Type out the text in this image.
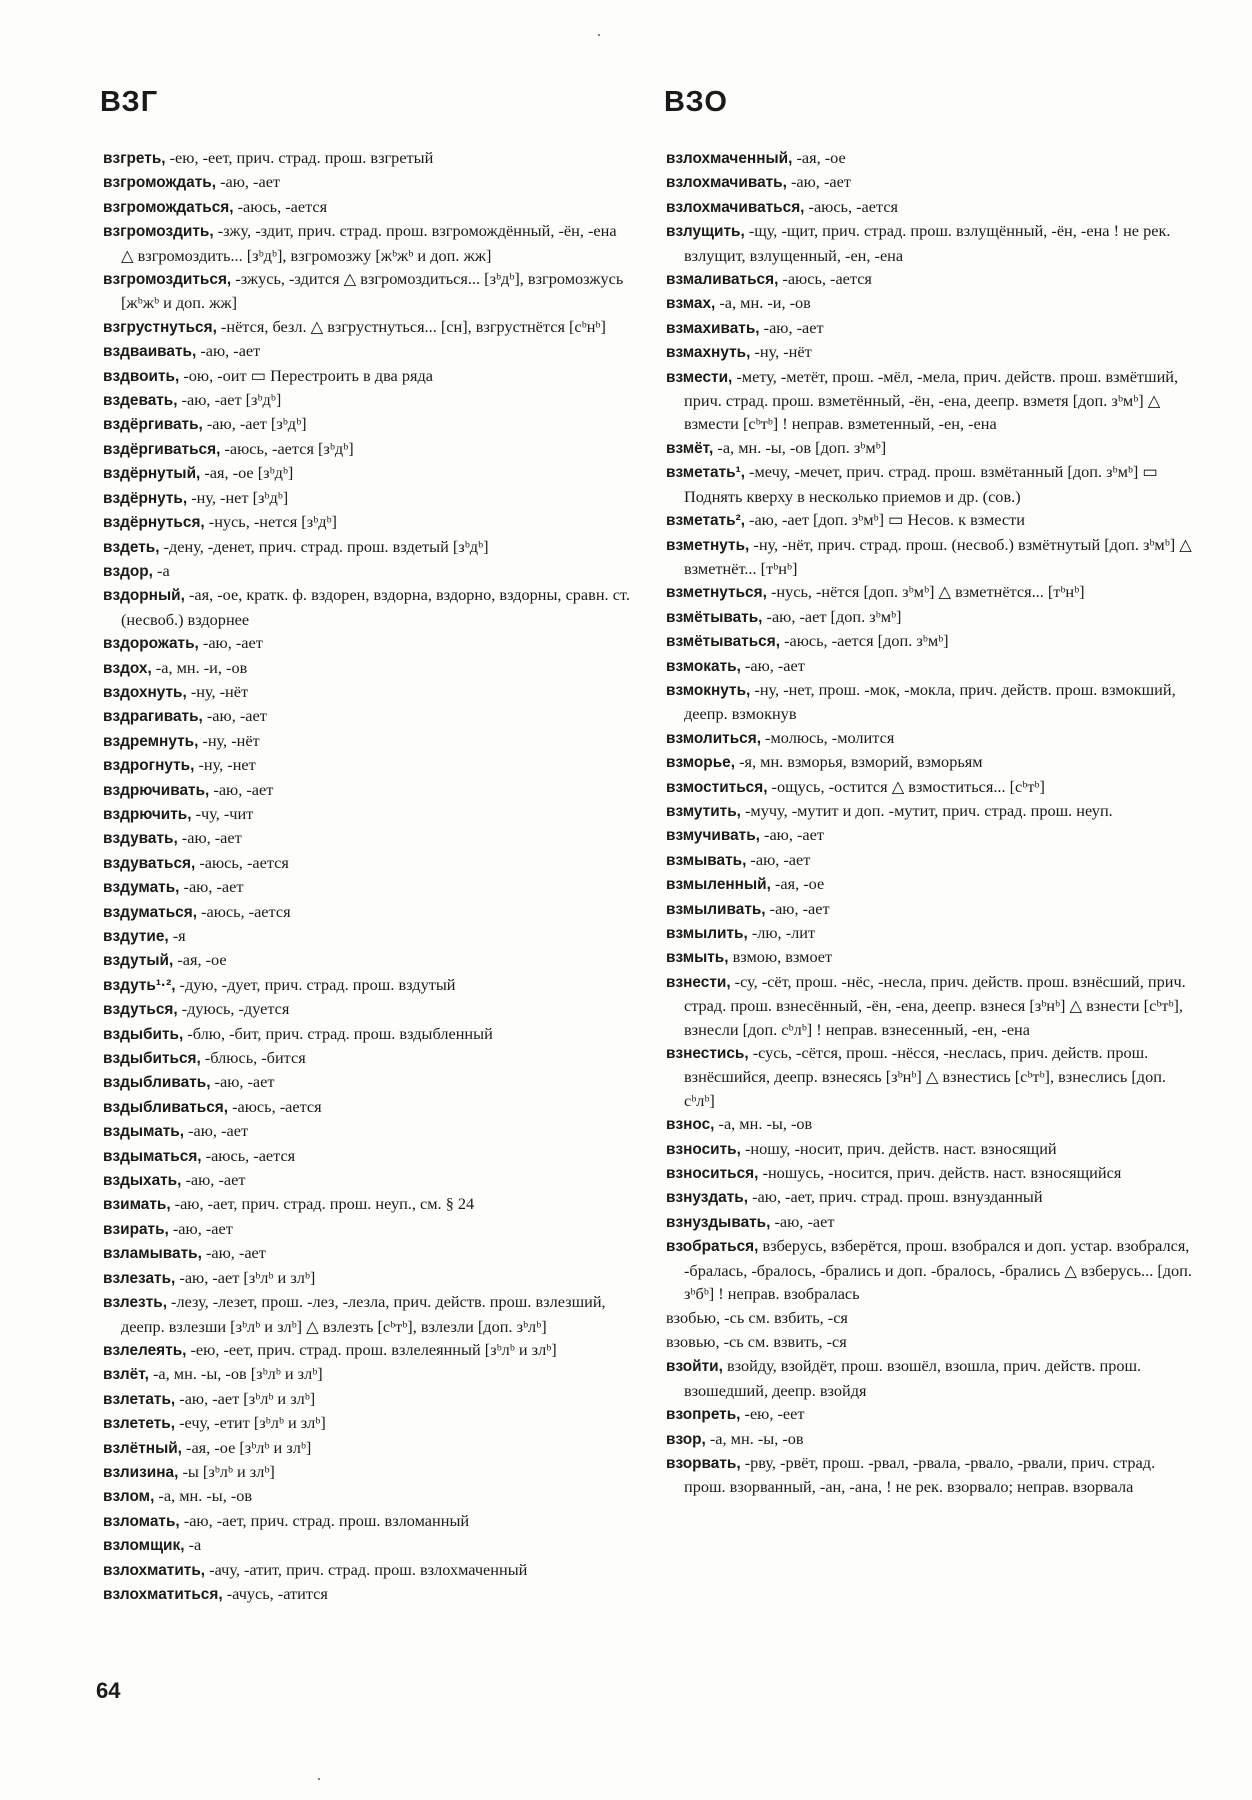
ВЗГ	ВЗО
взгреть, -ею, -еет, прич. страд. прош. взгретый
взгромождать, -аю, -ает
взгромождаться, -аюсь, -ается
взгромоздить, -зжу, -здит, прич. страд. прош. взгромождённый, -ён, -ена △ взгромоздить... [зᵇдᵇ], взгромозжу [жᵇжᵇ и доп. жж]
взгромоздиться, -зжусь, -здится △ взгромоздиться... [зᵇдᵇ], взгромозжусь [жᵇжᵇ и доп. жж]
взгрустнуться, -нётся, безл. △ взгрустнуться... [сн], взгрустнётся [сᵇнᵇ]
вздваивать, -аю, -ает
вздвоить, -ою, -оит ▭ Перестроить в два ряда
вздевать, -аю, -ает [зᵇдᵇ]
вздёргивать, -аю, -ает [зᵇдᵇ]
вздёргиваться, -аюсь, -ается [зᵇдᵇ]
вздёрнутый, -ая, -ое [зᵇдᵇ]
вздёрнуть, -ну, -нет [зᵇдᵇ]
вздёрнуться, -нусь, -нется [зᵇдᵇ]
вздеть, -дену, -денет, прич. страд. прош. вздетый [зᵇдᵇ]
вздор, -а
вздорный, -ая, -ое, кратк. ф. вздорен, вздорна, вздорно, вздорны, сравн. ст. (несвоб.) вздорнее
вздорожать, -аю, -ает
вздох, -а, мн. -и, -ов
вздохнуть, -ну, -нёт
вздрагивать, -аю, -ает
вздремнуть, -ну, -нёт
вздрогнуть, -ну, -нет
вздрючивать, -аю, -ает
вздрючить, -чу, -чит
вздувать, -аю, -ает
вздуваться, -аюсь, -ается
вздумать, -аю, -ает
вздуматься, -аюсь, -ается
вздутие, -я
вздутый, -ая, -ое
вздуть¹·², -дую, -дует, прич. страд. прош. вздутый
вздуться, -дуюсь, -дуется
вздыбить, -блю, -бит, прич. страд. прош. вздыбленный
вздыбиться, -блюсь, -бится
вздыбливать, -аю, -ает
вздыбливаться, -аюсь, -ается
вздымать, -аю, -ает
вздыматься, -аюсь, -ается
вздыхать, -аю, -ает
взимать, -аю, -ает, прич. страд. прош. неуп., см. § 24
взирать, -аю, -ает
взламывать, -аю, -ает
взлезать, -аю, -ает [зᵇлᵇ и злᵇ]
взлезть, -лезу, -лезет, прош. -лез, -лезла, прич. действ. прош. взлезший, деепр. взлезши [зᵇлᵇ и злᵇ] △ взлезть [сᵇтᵇ], взлезли [доп. зᵇлᵇ]
взлелеять, -ею, -еет, прич. страд. прош. взлелеянный [зᵇлᵇ и злᵇ]
взлёт, -а, мн. -ы, -ов [зᵇлᵇ и злᵇ]
взлетать, -аю, -ает [зᵇлᵇ и злᵇ]
взлететь, -ечу, -етит [зᵇлᵇ и злᵇ]
взлётный, -ая, -ое [зᵇлᵇ и злᵇ]
взлизина, -ы [зᵇлᵇ и злᵇ]
взлом, -а, мн. -ы, -ов
взломать, -аю, -ает, прич. страд. прош. взломанный
взломщик, -а
взлохматить, -ачу, -атит, прич. страд. прош. взлохмаченный
взлохматиться, -ачусь, -атится
взлохмаченный, -ая, -ое
взлохмачивать, -аю, -ает
взлохмачиваться, -аюсь, -ается
взлущить, -щу, -щит, прич. страд. прош. взлущённый, -ён, -ена ! не рек. взлущит, взлущенный, -ен, -ена
взмаливаться, -аюсь, -ается
взмах, -а, мн. -и, -ов
взмахивать, -аю, -ает
взмахнуть, -ну, -нёт
взмести, -мету, -метёт, прош. -мёл, -мела, прич. действ. прош. взмётший, прич. страд. прош. взметённый, -ён, -ена, деепр. взметя [доп. зᵇмᵇ] △ взмести [сᵇтᵇ] ! неправ. взметенный, -ен, -ена
взмёт, -а, мн. -ы, -ов [доп. зᵇмᵇ]
взметать¹, -мечу, -мечет, прич. страд. прош. взмётанный [доп. зᵇмᵇ] ▭ Поднять кверху в несколько приемов и др. (сов.)
взметать², -аю, -ает [доп. зᵇмᵇ] ▭ Несов. к взмести
взметнуть, -ну, -нёт, прич. страд. прош. (несвоб.) взмётнутый [доп. зᵇмᵇ] △ взметнёт... [тᵇнᵇ]
взметнуться, -нусь, -нётся [доп. зᵇмᵇ] △ взметнётся... [тᵇнᵇ]
взмётывать, -аю, -ает [доп. зᵇмᵇ]
взмётываться, -аюсь, -ается [доп. зᵇмᵇ]
взмокать, -аю, -ает
взмокнуть, -ну, -нет, прош. -мок, -мокла, прич. действ. прош. взмокший, деепр. взмокнув
взмолиться, -молюсь, -молится
взморье, -я, мн. взморья, взморий, взморьям
взмоститься, -ощусь, -остится △ взмоститься... [сᵇтᵇ]
взмутить, -мучу, -мутит и доп. -мутит, прич. страд. прош. неуп.
взмучивать, -аю, -ает
взмывать, -аю, -ает
взмыленный, -ая, -ое
взмыливать, -аю, -ает
взмылить, -лю, -лит
взмыть, взмою, взмоет
взнести, -су, -сёт, прош. -нёс, -несла, прич. действ. прош. взнёсший, прич. страд. прош. взнесённый, -ён, -ена, деепр. взнеся [зᵇнᵇ] △ взнести [сᵇтᵇ], взнесли [доп. сᵇлᵇ] ! неправ. взнесенный, -ен, -ена
взнестись, -сусь, -сётся, прош. -нёсся, -неслась, прич. действ. прош. взнёсшийся, деепр. взнесясь [зᵇнᵇ] △ взнестись [сᵇтᵇ], взнеслись [доп. сᵇлᵇ]
взнос, -а, мн. -ы, -ов
взносить, -ношу, -носит, прич. действ. наст. взносящий
взноситься, -ношусь, -носится, прич. действ. наст. взносящийся
взнуздать, -аю, -ает, прич. страд. прош. взнузданный
взнуздывать, -аю, -ает
взобраться, взберусь, взберётся, прош. взобрался и доп. устар. взобрался, -бралась, -бралось, -брались и доп. -бралось, -брались △ взберусь... [доп. зᵇбᵇ] ! неправ. взобралась
взобью, -сь см. взбить, -ся
взовью, -сь см. взвить, -ся
взойти, взойду, взойдёт, прош. взошёл, взошла, прич. действ. прош. взошедший, деепр. взойдя
взопреть, -ею, -еет
взор, -а, мн. -ы, -ов
взорвать, -рву, -рвёт, прош. -рвал, -рвала, -рвало, -рвали, прич. страд. прош. взорванный, -ан, -ана, ! не рек. взорвало; неправ. взорвала
64
